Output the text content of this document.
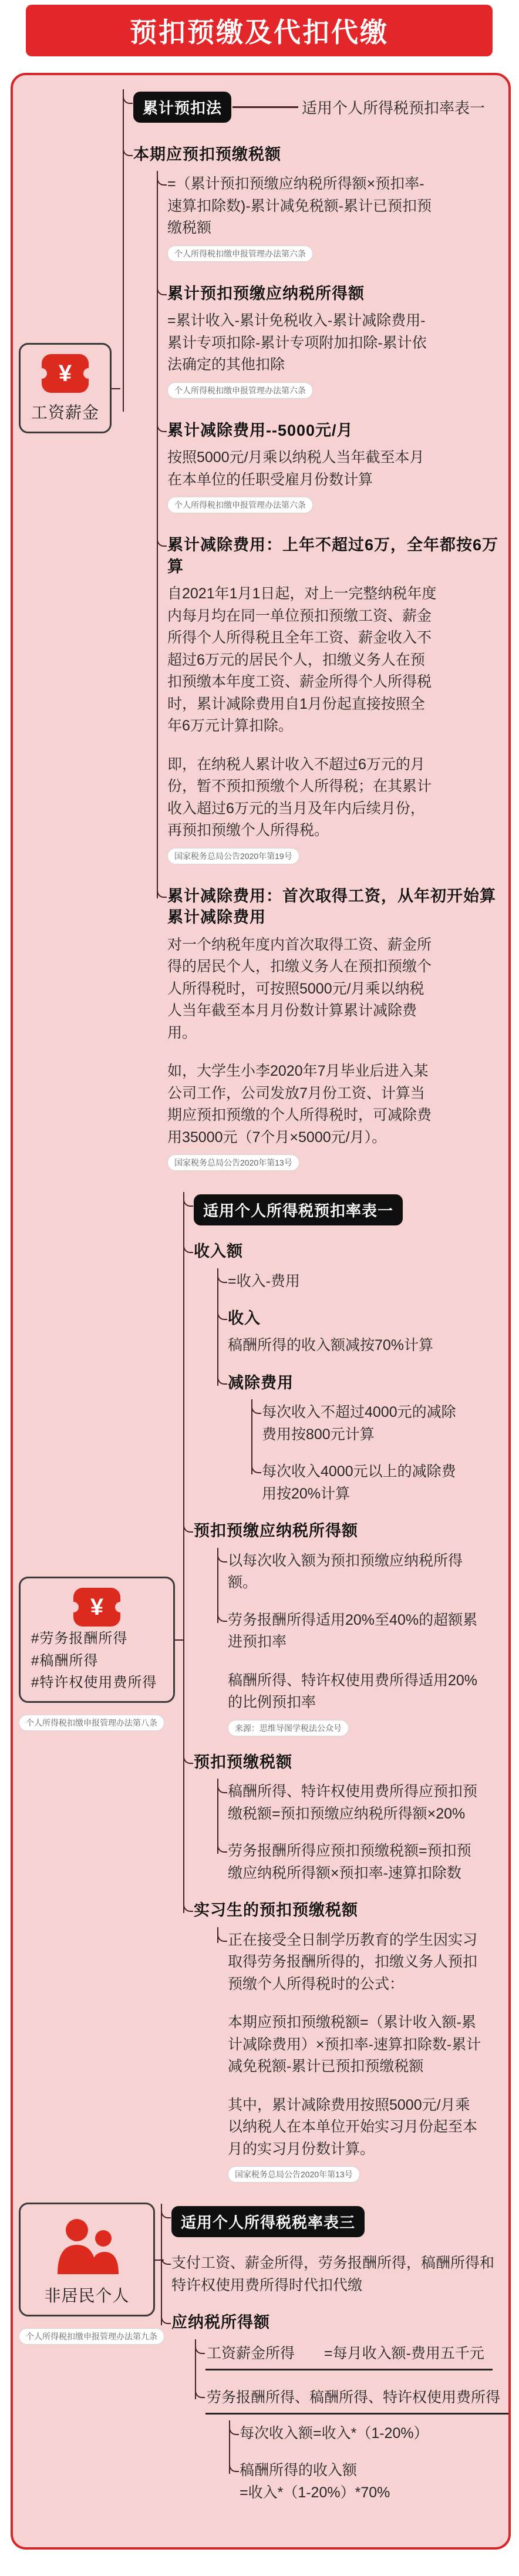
预扣预缴及代扣代缴
¥
工资薪金
累计预扣法	适用个人所得税预扣率表一
本期应预扣预缴税额
=（累计预扣预缴应纳税所得额×预扣率-速算扣除数)-累计减免税额-累计已预扣预缴税额
个人所得税扣缴申报管理办法第六条
累计预扣预缴应纳税所得额
=累计收入-累计免税收入-累计减除费用-累计专项扣除-累计专项附加扣除-累计依法确定的其他扣除
个人所得税扣缴申报管理办法第六条
累计减除费用--5000元/月
按照5000元/月乘以纳税人当年截至本月在本单位的任职受雇月份数计算
个人所得税扣缴申报管理办法第六条
累计减除费用：上年不超过6万，全年都按6万算
自2021年1月1日起，对上一完整纳税年度内每月均在同一单位预扣预缴工资、薪金所得个人所得税且全年工资、薪金收入不超过6万元的居民个人，扣缴义务人在预扣预缴本年度工资、薪金所得个人所得税时，累计减除费用自1月份起直接按照全年6万元计算扣除。
即，在纳税人累计收入不超过6万元的月份，暂不预扣预缴个人所得税；在其累计收入超过6万元的当月及年内后续月份，再预扣预缴个人所得税。
国家税务总局公告2020年第19号
累计减除费用：首次取得工资，从年初开始算累计减除费用
对一个纳税年度内首次取得工资、薪金所得的居民个人，扣缴义务人在预扣预缴个人所得税时，可按照5000元/月乘以纳税人当年截至本月月份数计算累计减除费用。
如，大学生小李2020年7月毕业后进入某公司工作，公司发放7月份工资、计算当期应预扣预缴的个人所得税时，可减除费用35000元（7个月×5000元/月）。
国家税务总局公告2020年第13号
¥
#劳务报酬所得
#稿酬所得
#特许权使用费所得
个人所得税扣缴申报管理办法第八条
适用个人所得税预扣率表一
收入额
=收入-费用
收入
稿酬所得的收入额减按70%计算
减除费用
每次收入不超过4000元的减除费用按800元计算
每次收入4000元以上的减除费用按20%计算
预扣预缴应纳税所得额
以每次收入额为预扣预缴应纳税所得额。
劳务报酬所得适用20%至40%的超额累进预扣率
稿酬所得、特许权使用费所得适用20%的比例预扣率
来源：思维导图学税法公众号
预扣预缴税额
稿酬所得、特许权使用费所得应预扣预缴税额=预扣预缴应纳税所得额×20%
劳务报酬所得应预扣预缴税额=预扣预缴应纳税所得额×预扣率-速算扣除数
实习生的预扣预缴税额
正在接受全日制学历教育的学生因实习取得劳务报酬所得的，扣缴义务人预扣预缴个人所得税时的公式：
本期应预扣预缴税额=（累计收入额-累计减除费用）×预扣率-速算扣除数-累计减免税额-累计已预扣预缴税额
其中，累计减除费用按照5000元/月乘以纳税人在本单位开始实习月份起至本月的实习月份数计算。
国家税务总局公告2020年第13号
非居民个人
个人所得税扣缴申报管理办法第九条
适用个人所得税税率表三
支付工资、薪金所得，劳务报酬所得，稿酬所得和特许权使用费所得时代扣代缴
应纳税所得额
工资薪金所得　　=每月收入额-费用五千元
劳务报酬所得、稿酬所得、特许权使用费所得
每次收入额=收入*（1-20%）
稿酬所得的收入额
=收入*（1-20%）*70%
